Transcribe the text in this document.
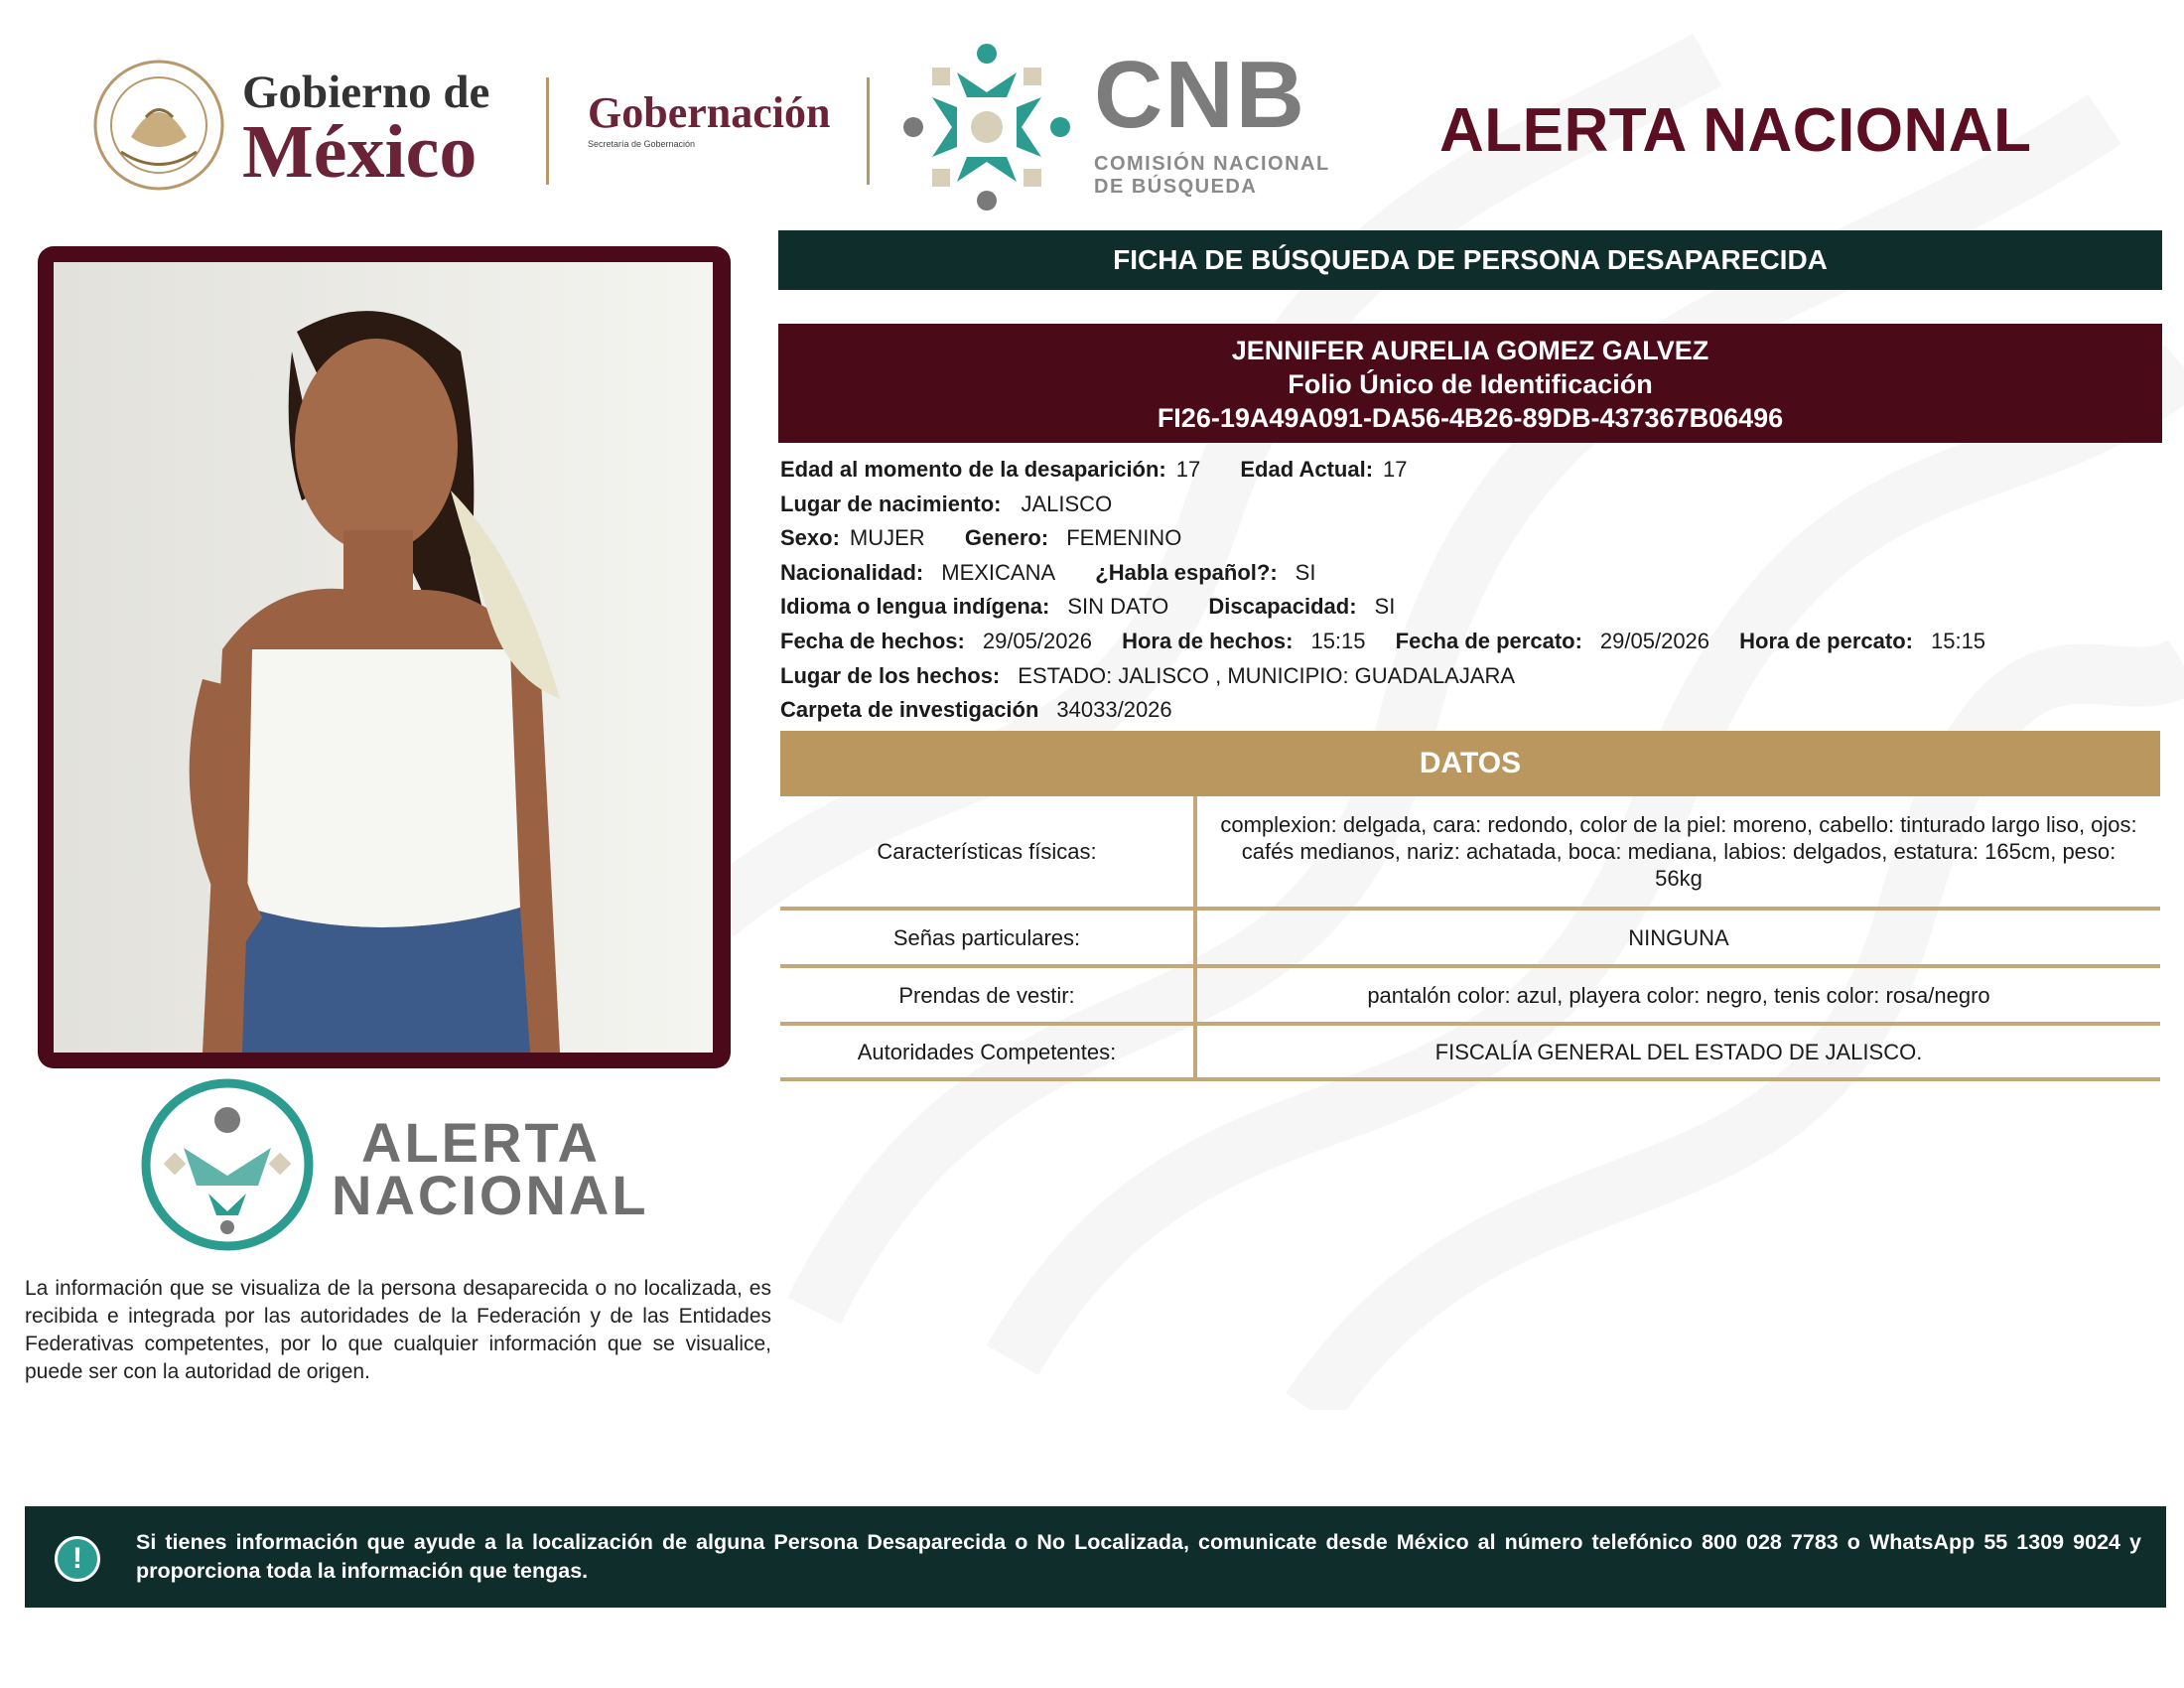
Gobierno de
México	Gobernación
Secretaría de Gobernación	CNB
COMISIÓN NACIONAL
DE BÚSQUEDA
ALERTA NACIONAL
FICHA DE BÚSQUEDA DE PERSONA DESAPARECIDA
JENNIFER AURELIA GOMEZ GALVEZ
Folio Único de Identificación
FI26-19A49A091-DA56-4B26-89DB-437367B06496
Edad al momento de la desaparición: 17 Edad Actual: 17
Lugar de nacimiento: JALISCO
Sexo: MUJER Genero: FEMENINO
Nacionalidad: MEXICANA ¿Habla español?: SI
Idioma o lengua indígena: SIN DATO Discapacidad: SI
Fecha de hechos: 29/05/2026 Hora de hechos: 15:15 Fecha de percato: 29/05/2026 Hora de percato: 15:15
Lugar de los hechos: ESTADO: JALISCO , MUNICIPIO: GUADALAJARA
Carpeta de investigación 34033/2026
DATOS
Características físicas:	complexion: delgada, cara: redondo, color de la piel: moreno, cabello: tinturado largo liso, ojos: cafés medianos, nariz: achatada, boca: mediana, labios: delgados, estatura: 165cm, peso: 56kg
Señas particulares:	NINGUNA
Prendas de vestir:	pantalón color: azul, playera color: negro, tenis color: rosa/negro
Autoridades Competentes:	FISCALÍA GENERAL DEL ESTADO DE JALISCO.
ALERTA
NACIONAL
La información que se visualiza de la persona desaparecida o no localizada, es recibida e integrada por las autoridades de la Federación y de las Entidades Federativas competentes, por lo que cualquier información que se visualice, puede ser con la autoridad de origen.
!	Si tienes información que ayude a la localización de alguna Persona Desaparecida o No Localizada, comunicate desde México al número telefónico 800 028 7783 o WhatsApp 55 1309 9024 y proporciona toda la información que tengas.
